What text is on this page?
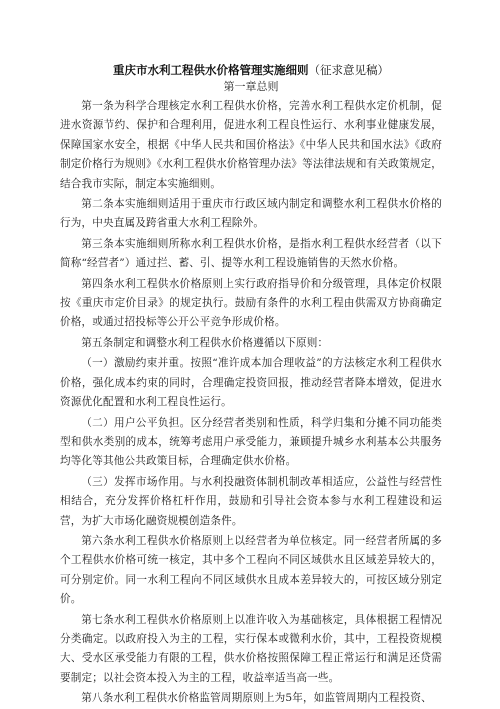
重庆市水利工程供水价格管理实施细则（征求意见稿）
第一章总则

第一条为科学合理核定水利工程供水价格，完善水利工程供水定价机制，促进水资源节约、保护和合理利用，促进水利工程良性运行、水利事业健康发展，保障国家水安全，根据《中华人民共和国价格法》《中华人民共和国水法》《政府制定价格行为规则》《水利工程供水价格管理办法》等法律法规和有关政策规定，结合我市实际，制定本实施细则。

第二条本实施细则适用于重庆市行政区域内制定和调整水利工程供水价格的行为，中央直属及跨省重大水利工程除外。

第三条本实施细则所称水利工程供水价格，是指水利工程供水经营者（以下简称“经营者”）通过拦、蓄、引、提等水利工程设施销售的天然水价格。

第四条水利工程供水价格原则上实行政府指导价和分级管理，具体定价权限按《重庆市定价目录》的规定执行。鼓励有条件的水利工程由供需双方协商确定价格，或通过招投标等公开公平竞争形成价格。

第五条制定和调整水利工程供水价格遵循以下原则：

（一）激励约束并重。按照“准许成本加合理收益”的方法核定水利工程供水价格，强化成本约束的同时，合理确定投资回报，推动经营者降本增效，促进水资源优化配置和水利工程良性运行。

（二）用户公平负担。区分经营者类别和性质，科学归集和分摊不同功能类型和供水类别的成本，统筹考虑用户承受能力，兼顾提升城乡水利基本公共服务均等化等其他公共政策目标，合理确定供水价格。

（三）发挥市场作用。与水利投融资体制机制改革相适应，公益性与经营性相结合，充分发挥价格杠杆作用，鼓励和引导社会资本参与水利工程建设和运营，为扩大市场化融资规模创造条件。

第六条水利工程供水价格原则上以经营者为单位核定。同一经营者所属的多个工程供水价格可统一核定，其中多个工程向不同区域供水且区域差异较大的，可分别定价。同一水利工程向不同区域供水且成本差异较大的，可按区域分别定价。

第七条水利工程供水价格原则上以准许收入为基础核定，具体根据工程情况分类确定。以政府投入为主的工程，实行保本或微利水价，其中，工程投资规模大、受水区承受能力有限的工程，供水价格按照保障工程正常运行和满足还贷需要制定；以社会资本投入为主的工程，收益率适当高一些。

第八条水利工程供水价格监管周期原则上为5年，如监管周期内工程投资、
